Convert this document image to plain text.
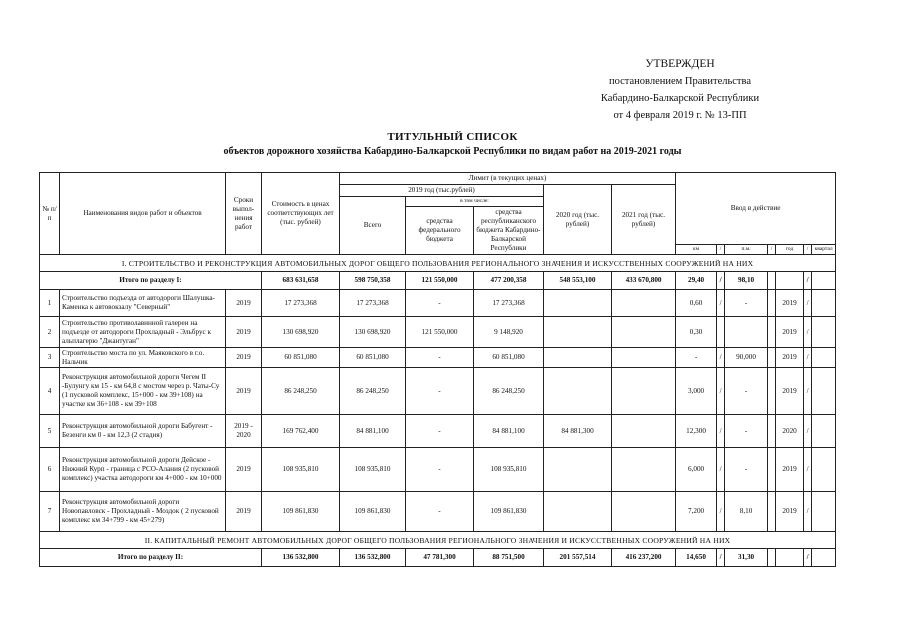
УТВЕРЖДЕН
постановлением Правительства
Кабардино-Балкарской Республики
от 4 февраля 2019 г. № 13-ПП
ТИТУЛЬНЫЙ СПИСОК
объектов дорожного хозяйства Кабардино-Балкарской Республики по видам работ на 2019-2021 годы
№ п/п	Наименования видов работ и объектов	Сроки выпол-нения работ	Стоимость в ценах соответствующих лет (тыс. рублей)	Лимит (в текущих ценах)					Ввод в действие						
				2019 год (тыс.рублей)			2020 год (тыс. рублей)	2021 год (тыс. рублей)							
				Всего	в том числе:										
					средства федерального бюджета	средства республиканского бюджета Кабардино-Балкарской Республики									
									км	/	п.м.	/	год	/	квартал
I. СТРОИТЕЛЬСТВО И РЕКОНСТРУКЦИЯ АВТОМОБИЛЬНЫХ ДОРОГ ОБЩЕГО ПОЛЬЗОВАНИЯ РЕГИОНАЛЬНОГО ЗНАЧЕНИЯ И ИСКУССТВЕННЫХ СООРУЖЕНИЙ НА НИХ															
Итого по разделу I:			683 631,658	598 750,358	121 550,000	477 200,358	548 553,100	433 670,800	29,40	/	98,10			/	
1	Строительство подъезда от автодороги Шалушка-Каменка к автовокзалу "Северный"	2019	17 273,368	17 273,368	-	17 273,368			0,60	/	-		2019	/	
2	Строительство противолавинной галереи на подъезде от автодороги Прохладный - Эльбрус к альплагерю "Джантуган"	2019	130 698,920	130 698,920	121 550,000	9 148,920			0,30				2019	/	
3	Строительство моста по ул. Маяковского в г.о. Нальчик	2019	60 851,080	60 851,080	-	60 851,080			-	/	90,000		2019	/	
4	Реконструкция автомобильной дороги Чегем II -Булунгу км 15 - км 64,8 с мостом через р. Чаты-Су (1 пусковой комплекс, 15+000 - км 39+108) на участке км 36+108 - км 39+108	2019	86 248,250	86 248,250	-	86 248,250			3,000	/	-		2019	/	
5	Реконструкция автомобильной дороги Бабугент - Безенги км 0 - км 12,3 (2 стадия)	2019 - 2020	169 762,400	84 881,100	-	84 881,100	84 881,300		12,300	/	-		2020	/	
6	Реконструкция автомобильной дороги Дейское - Нижний Курп - граница с РСО-Алания (2 пусковой комплекс) участка автодороги км 4+000 - км 10+000	2019	108 935,810	108 935,810	-	108 935,810			6,000	/	-		2019	/	
7	Реконструкция автомобильной дороги Новопавловск - Прохладный - Моздок ( 2 пусковой комплекс км 34+799 - км 45+279)	2019	109 861,830	109 861,830	-	109 861,830			7,200	/	8,10		2019	/	
II. КАПИТАЛЬНЫЙ РЕМОНТ АВТОМОБИЛЬНЫХ ДОРОГ ОБЩЕГО ПОЛЬЗОВАНИЯ РЕГИОНАЛЬНОГО ЗНАЧЕНИЯ И ИСКУССТВЕННЫХ СООРУЖЕНИЙ НА НИХ															
Итого по разделу II:			136 532,800	136 532,800	47 781,300	88 751,500	201 557,514	416 237,200	14,650	/	31,30			/	
